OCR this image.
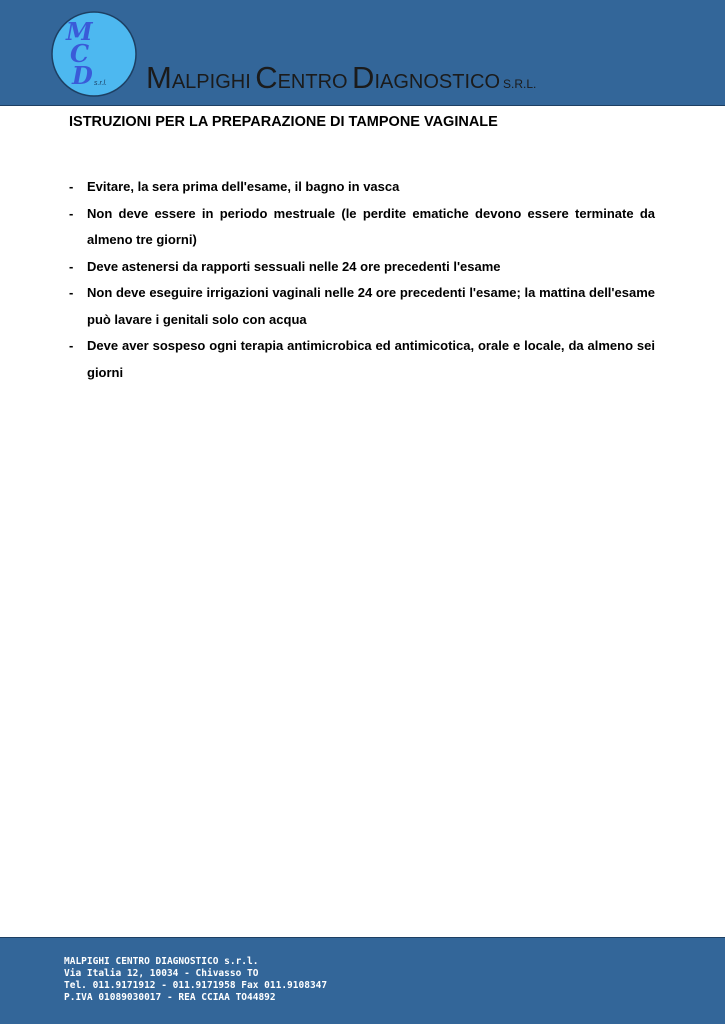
M
C
D s.r.l. MALPIGHI CENTRO DIAGNOSTICO S.R.L.
ISTRUZIONI PER LA PREPARAZIONE DI TAMPONE VAGINALE
- Evitare, la sera prima dell'esame, il bagno in vasca
- Non deve essere in periodo mestruale (le perdite ematiche devono essere terminate da almeno tre giorni)
- Deve astenersi da rapporti sessuali nelle 24 ore precedenti l'esame
- Non deve eseguire irrigazioni vaginali nelle 24 ore precedenti l'esame; la mattina dell'esame può lavare i genitali solo con acqua
- Deve aver sospeso ogni terapia antimicrobica ed antimicotica, orale e locale, da almeno sei giorni
MALPIGHI CENTRO DIAGNOSTICO s.r.l.
Via Italia 12, 10034 - Chivasso TO
Tel. 011.9171912 - 011.9171958 Fax 011.9108347
P.IVA 01089030017 - REA CCIAA TO44892
